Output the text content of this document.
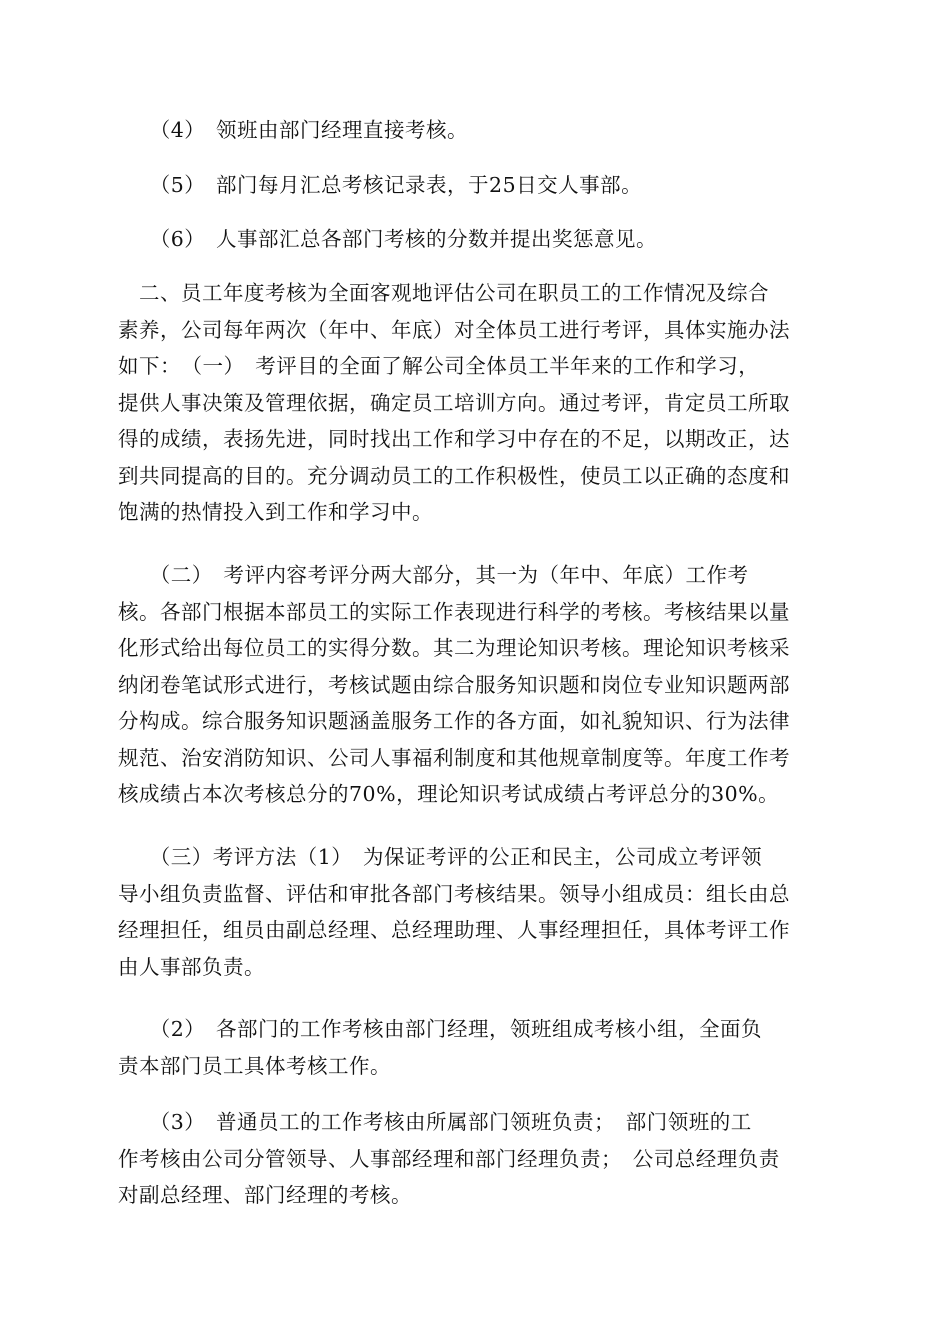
　　（4）　领班由部门经理直接考核。

　　（5）　部门每月汇总考核记录表，于25日交人事部。

　　（6）　人事部汇总各部门考核的分数并提出奖惩意见。

　二、员工年度考核为全面客观地评估公司在职员工的工作情况及综合
素养，公司每年两次（年中、年底）对全体员工进行考评，具体实施办法
如下：　（一）　考评目的全面了解公司全体员工半年来的工作和学习，
提供人事决策及管理依据，确定员工培训方向。通过考评，肯定员工所取
得的成绩，表扬先进，同时找出工作和学习中存在的不足，以期改正，达
到共同提高的目的。充分调动员工的工作积极性，使员工以正确的态度和
饱满的热情投入到工作和学习中。

　　（二）　考评内容考评分两大部分，其一为（年中、年底）工作考
核。各部门根据本部员工的实际工作表现进行科学的考核。考核结果以量
化形式给出每位员工的实得分数。其二为理论知识考核。理论知识考核采
纳闭卷笔试形式进行，考核试题由综合服务知识题和岗位专业知识题两部
分构成。综合服务知识题涵盖服务工作的各方面，如礼貌知识、行为法律
规范、治安消防知识、公司人事福利制度和其他规章制度等。年度工作考
核成绩占本次考核总分的70%，理论知识考试成绩占考评总分的30%。

　　（三）考评方法（1）　为保证考评的公正和民主，公司成立考评领
导小组负责监督、评估和审批各部门考核结果。领导小组成员：组长由总
经理担任，组员由副总经理、总经理助理、人事经理担任，具体考评工作
由人事部负责。

　　（2）　各部门的工作考核由部门经理，领班组成考核小组，全面负
责本部门员工具体考核工作。

　　（3）　普通员工的工作考核由所属部门领班负责；　部门领班的工
作考核由公司分管领导、人事部经理和部门经理负责；　公司总经理负责
对副总经理、部门经理的考核。
